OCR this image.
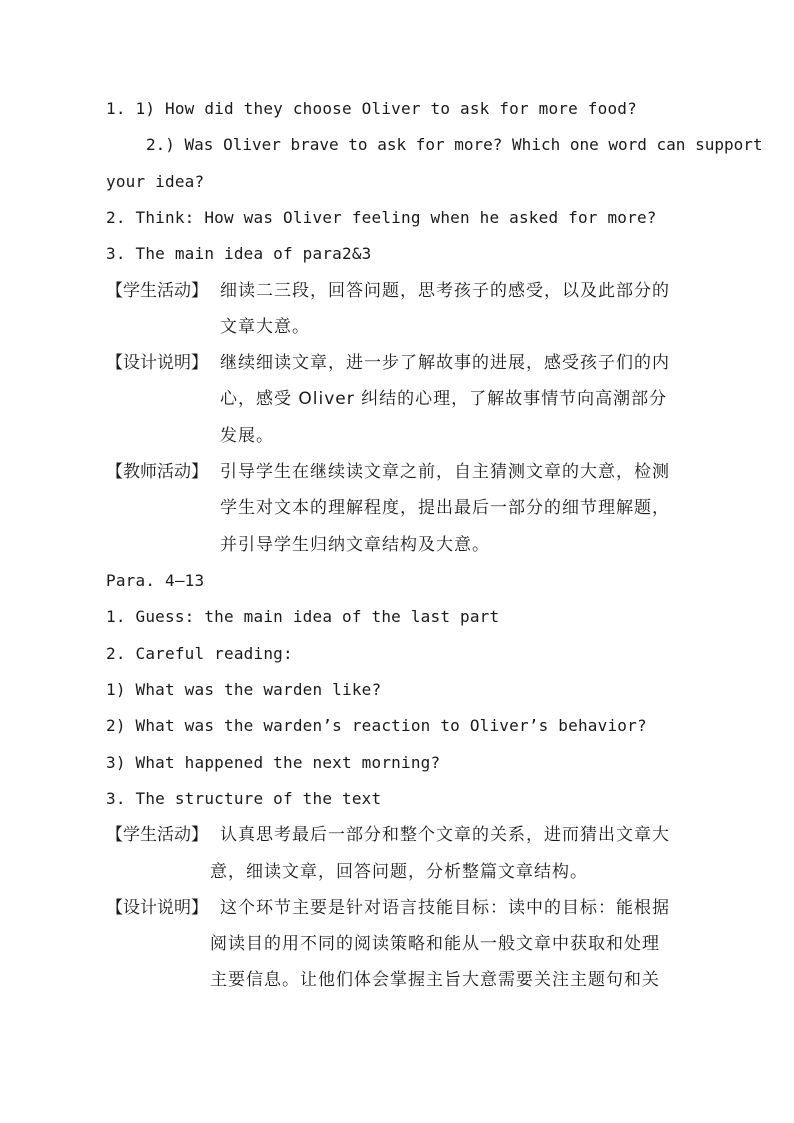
1. 1) How did they choose Oliver to ask for more food?
2.) Was Oliver brave to ask for more? Which one word can support
your idea?
2. Think: How was Oliver feeling when he asked for more?
3. The main idea of para2&3
【学生活动】 细读二三段，回答问题，思考孩子的感受，以及此部分的
文章大意。
【设计说明】 继续细读文章，进一步了解故事的进展，感受孩子们的内
心，感受 Oliver 纠结的心理，了解故事情节向高潮部分
发展。
【教师活动】 引导学生在继续读文章之前，自主猜测文章的大意，检测
学生对文本的理解程度，提出最后一部分的细节理解题，
并引导学生归纳文章结构及大意。
Para. 4—13
1. Guess: the main idea of the last part
2. Careful reading:
1) What was the warden like?
2) What was the warden’s reaction to Oliver’s behavior?
3) What happened the next morning?
3. The structure of the text
【学生活动】 认真思考最后一部分和整个文章的关系，进而猜出文章大
意，细读文章，回答问题，分析整篇文章结构。
【设计说明】 这个环节主要是针对语言技能目标：读中的目标：能根据
阅读目的用不同的阅读策略和能从一般文章中获取和处理
主要信息。让他们体会掌握主旨大意需要关注主题句和关
